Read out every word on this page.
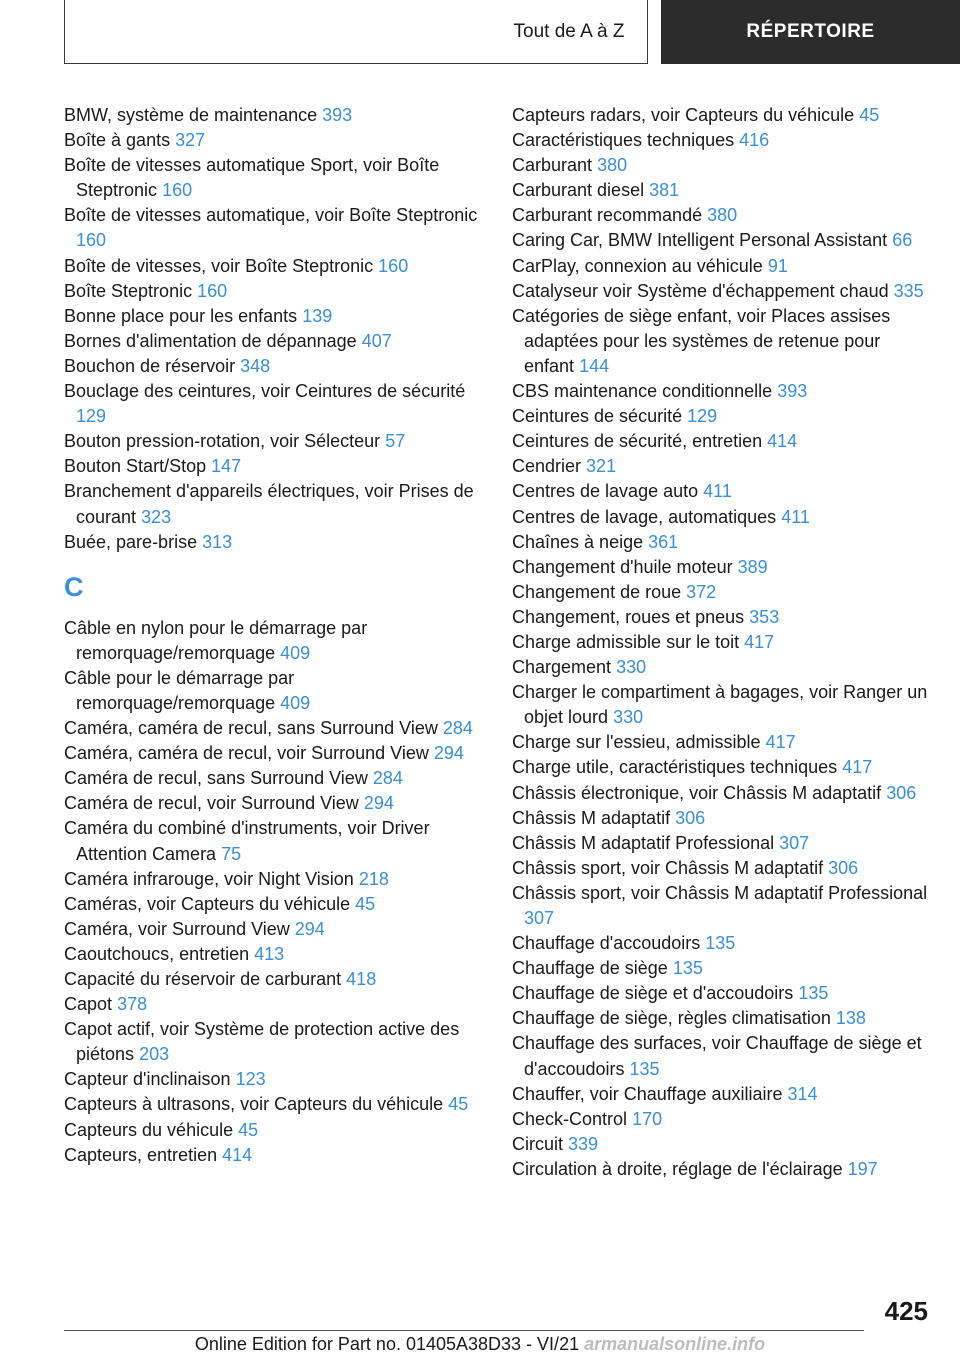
Tout de A à Z	RÉPERTOIRE
BMW, système de maintenance 393
Boîte à gants 327
Boîte de vitesses automatique Sport, voir Boîte Steptronic 160
Boîte de vitesses automatique, voir Boîte Steptronic 160
Boîte de vitesses, voir Boîte Steptronic 160
Boîte Steptronic 160
Bonne place pour les enfants 139
Bornes d'alimentation de dépannage 407
Bouchon de réservoir 348
Bouclage des ceintures, voir Ceintures de sécurité 129
Bouton pression-rotation, voir Sélecteur 57
Bouton Start/Stop 147
Branchement d'appareils électriques, voir Prises de courant 323
Buée, pare-brise 313
C
Câble en nylon pour le démarrage par remorquage/remorquage 409
Câble pour le démarrage par remorquage/remorquage 409
Caméra, caméra de recul, sans Surround View 284
Caméra, caméra de recul, voir Surround View 294
Caméra de recul, sans Surround View 284
Caméra de recul, voir Surround View 294
Caméra du combiné d'instruments, voir Driver Attention Camera 75
Caméra infrarouge, voir Night Vision 218
Caméras, voir Capteurs du véhicule 45
Caméra, voir Surround View 294
Caoutchoucs, entretien 413
Capacité du réservoir de carburant 418
Capot 378
Capot actif, voir Système de protection active des piétons 203
Capteur d'inclinaison 123
Capteurs à ultrasons, voir Capteurs du véhicule 45
Capteurs du véhicule 45
Capteurs, entretien 414
Capteurs radars, voir Capteurs du véhicule 45
Caractéristiques techniques 416
Carburant 380
Carburant diesel 381
Carburant recommandé 380
Caring Car, BMW Intelligent Personal Assistant 66
CarPlay, connexion au véhicule 91
Catalyseur voir Système d'échappement chaud 335
Catégories de siège enfant, voir Places assises adaptées pour les systèmes de retenue pour enfant 144
CBS maintenance conditionnelle 393
Ceintures de sécurité 129
Ceintures de sécurité, entretien 414
Cendrier 321
Centres de lavage auto 411
Centres de lavage, automatiques 411
Chaînes à neige 361
Changement d'huile moteur 389
Changement de roue 372
Changement, roues et pneus 353
Charge admissible sur le toit 417
Chargement 330
Charger le compartiment à bagages, voir Ranger un objet lourd 330
Charge sur l'essieu, admissible 417
Charge utile, caractéristiques techniques 417
Châssis électronique, voir Châssis M adaptatif 306
Châssis M adaptatif 306
Châssis M adaptatif Professional 307
Châssis sport, voir Châssis M adaptatif 306
Châssis sport, voir Châssis M adaptatif Professional 307
Chauffage d'accoudoirs 135
Chauffage de siège 135
Chauffage de siège et d'accoudoirs 135
Chauffage de siège, règles climatisation 138
Chauffage des surfaces, voir Chauffage de siège et d'accoudoirs 135
Chauffer, voir Chauffage auxiliaire 314
Check-Control 170
Circuit 339
Circulation à droite, réglage de l'éclairage 197
425
Online Edition for Part no. 01405A38D33 - VI/21 armanualsonline.info
